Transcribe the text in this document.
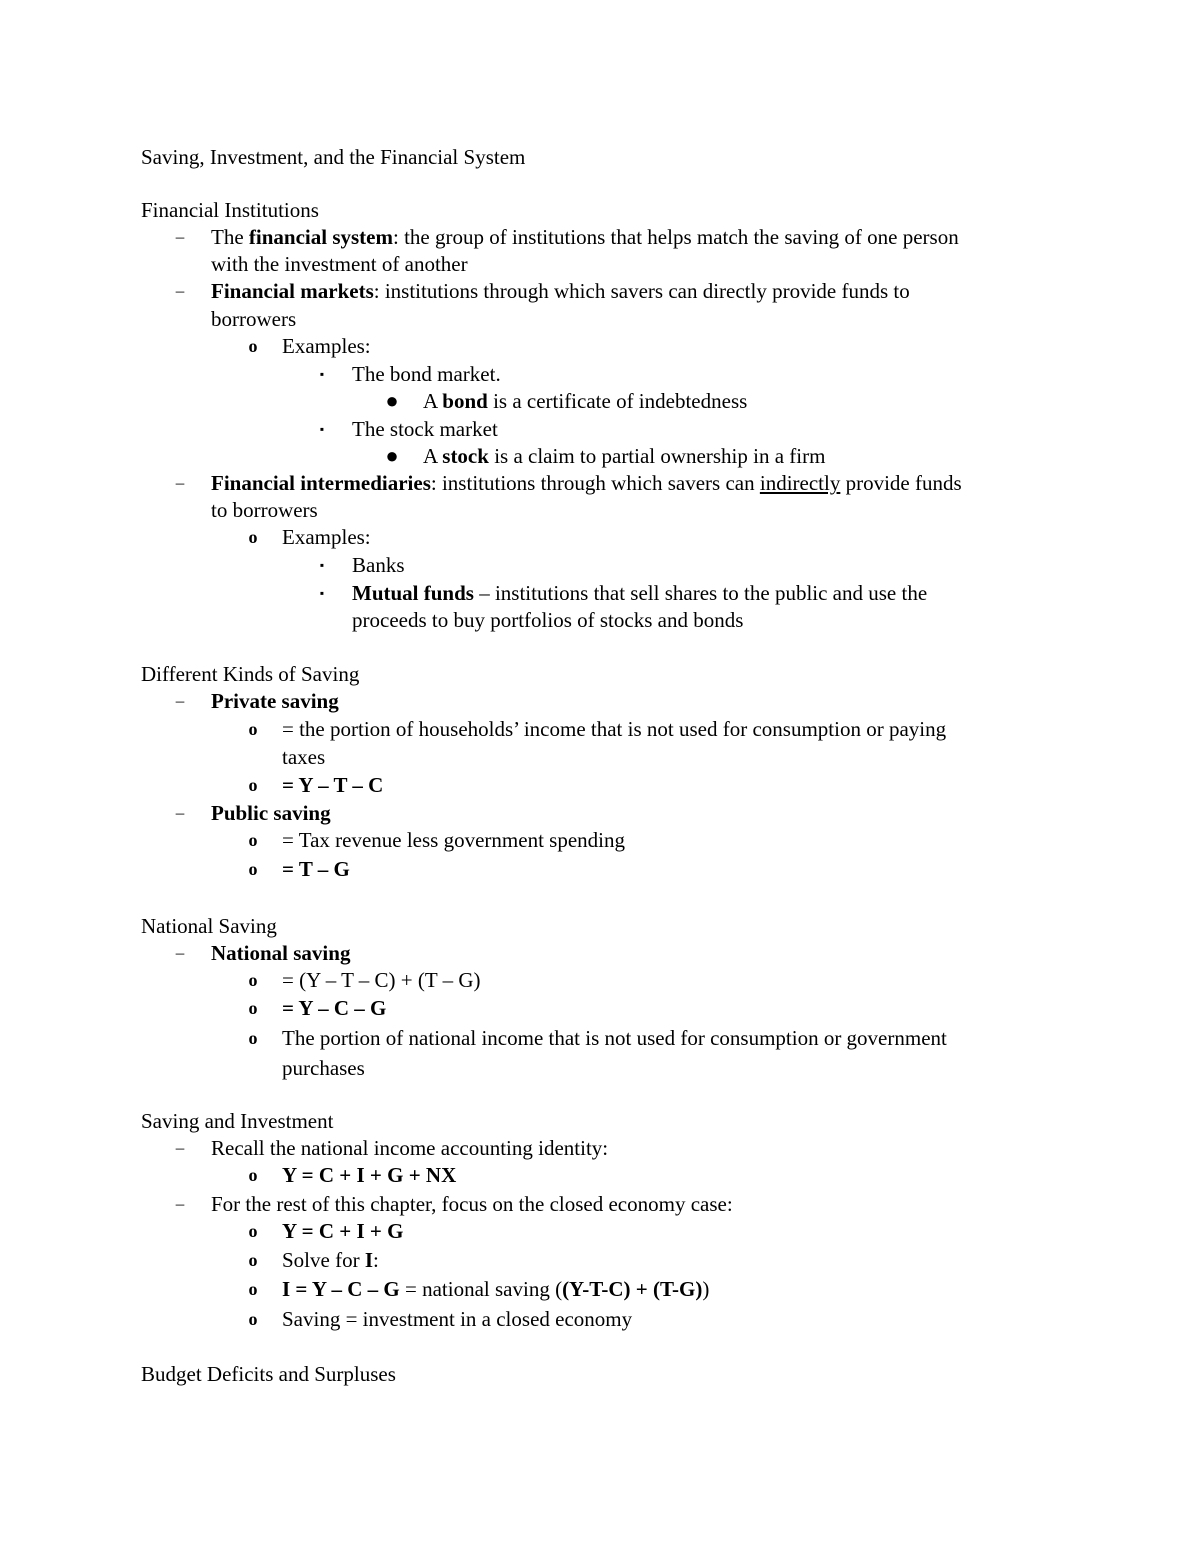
Saving, Investment, and the Financial System
Financial Institutions
–	The financial system: the group of institutions that helps match the saving of one person
with the investment of another
–	Financial markets: institutions through which savers can directly provide funds to
borrowers
o	Examples:
▪	The bond market.
● A bond is a certificate of indebtedness
▪	The stock market
● A stock is a claim to partial ownership in a firm
–	Financial intermediaries: institutions through which savers can indirectly provide funds
to borrowers
o	Examples:
▪	Banks
▪	Mutual funds – institutions that sell shares to the public and use the
proceeds to buy portfolios of stocks and bonds
Different Kinds of Saving
–	Private saving
o	= the portion of households’ income that is not used for consumption or paying
taxes
o	= Y – T – C
–	Public saving
o	= Tax revenue less government spending
o	= T – G
National Saving
–	National saving
o	= (Y – T – C) + (T – G)
o	= Y – C – G
o	The portion of national income that is not used for consumption or government
purchases
Saving and Investment
–	Recall the national income accounting identity:
o	Y = C + I + G + NX
–	For the rest of this chapter, focus on the closed economy case:
o	Y = C + I + G
o	Solve for I:
o	I = Y – C – G = national saving ((Y-T-C) + (T-G))
o	Saving = investment in a closed economy
Budget Deficits and Surpluses
